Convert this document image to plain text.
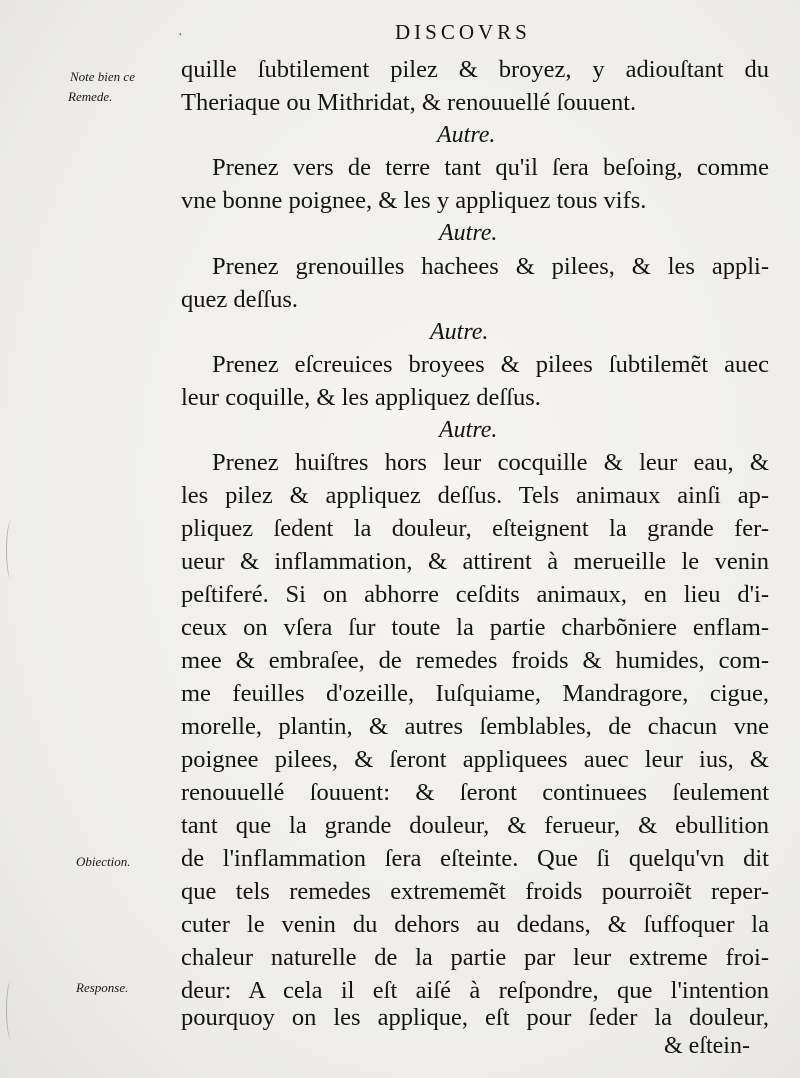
DISCOVRS
·
Note bien ce
Remede.
Obiection.
Response.
quille ſubtilement pilez & broyez, y adiouſtant du
Theriaque ou Mithridat, & renouuellé ſouuent.
Autre.
Prenez vers de terre tant qu'il ſera beſoing, comme
vne bonne poignee, & les y appliquez tous vifs.
Autre.
Prenez grenouilles hachees & pilees, & les appli-
quez deſſus.
Autre.
Prenez eſcreuices broyees & pilees ſubtilemẽt auec
leur coquille, & les appliquez deſſus.
Autre.
Prenez huiſtres hors leur cocquille & leur eau, &
les pilez & appliquez deſſus. Tels animaux ainſi ap-
pliquez ſedent la douleur, eſteignent la grande fer-
ueur & inflammation, & attirent à merueille le venin
peſtiferé. Si on abhorre ceſdits animaux, en lieu d'i-
ceux on vſera ſur toute la partie charbõniere enflam-
mee & embraſee, de remedes froids & humides, com-
me feuilles d'ozeille, Iuſquiame, Mandragore, cigue,
morelle, plantin, & autres ſemblables, de chacun vne
poignee pilees, & ſeront appliquees auec leur ius, &
renouuellé ſouuent: & ſeront continuees ſeulement
tant que la grande douleur, & ferueur, & ebullition
de l'inflammation ſera eſteinte. Que ſi quelqu'vn dit
que tels remedes extrememẽt froids pourroiẽt reper-
cuter le venin du dehors au dedans, & ſuffoquer la
chaleur naturelle de la partie par leur extreme froi-
deur: A cela il eſt aiſé à reſpondre, que l'intention
pourquoy on les applique, eſt pour ſeder la douleur,
& eſtein-
